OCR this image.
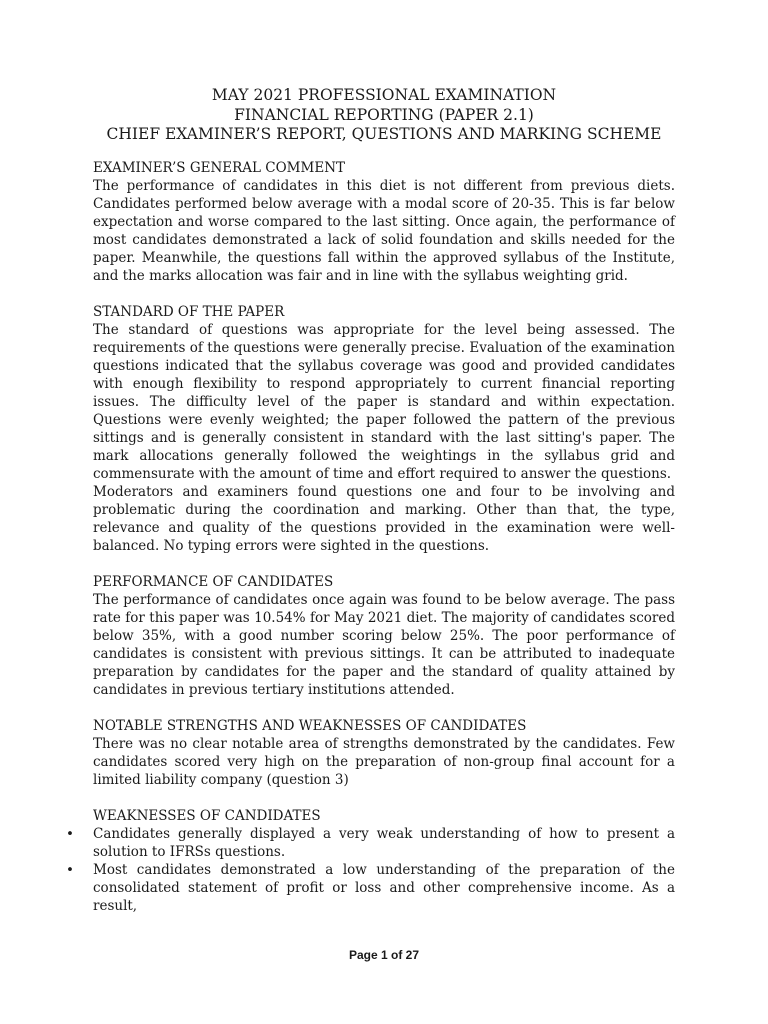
MAY 2021 PROFESSIONAL EXAMINATION
FINANCIAL REPORTING (PAPER 2.1)
CHIEF EXAMINER’S REPORT, QUESTIONS AND MARKING SCHEME
EXAMINER’S GENERAL COMMENT

The performance of candidates in this diet is not different from previous diets. Candidates performed below average with a modal score of 20-35. This is far below expectation and worse compared to the last sitting. Once again, the performance of most candidates demonstrated a lack of solid foundation and skills needed for the paper. Meanwhile, the questions fall within the approved syllabus of the Institute, and the marks allocation was fair and in line with the syllabus weighting grid.

STANDARD OF THE PAPER

The standard of questions was appropriate for the level being assessed. The requirements of the questions were generally precise. Evaluation of the examination questions indicated that the syllabus coverage was good and provided candidates with enough flexibility to respond appropriately to current financial reporting issues. The difficulty level of the paper is standard and within expectation. Questions were evenly weighted; the paper followed the pattern of the previous sittings and is generally consistent in standard with the last sitting's paper. The mark allocations generally followed the weightings in the syllabus grid and commensurate with the amount of time and effort required to answer the questions.

Moderators and examiners found questions one and four to be involving and problematic during the coordination and marking. Other than that, the type, relevance and quality of the questions provided in the examination were well-balanced. No typing errors were sighted in the questions.

PERFORMANCE OF CANDIDATES

The performance of candidates once again was found to be below average. The pass rate for this paper was 10.54% for May 2021 diet. The majority of candidates scored below 35%, with a good number scoring below 25%. The poor performance of candidates is consistent with previous sittings. It can be attributed to inadequate preparation by candidates for the paper and the standard of quality attained by candidates in previous tertiary institutions attended.

NOTABLE STRENGTHS AND WEAKNESSES OF CANDIDATES

There was no clear notable area of strengths demonstrated by the candidates. Few candidates scored very high on the preparation of non-group final account for a limited liability company (question 3)

WEAKNESSES OF CANDIDATES
• Candidates generally displayed a very weak understanding of how to present a solution to IFRSs questions.
• Most candidates demonstrated a low understanding of the preparation of the consolidated statement of profit or loss and other comprehensive income. As a result,
Page 1 of 27
